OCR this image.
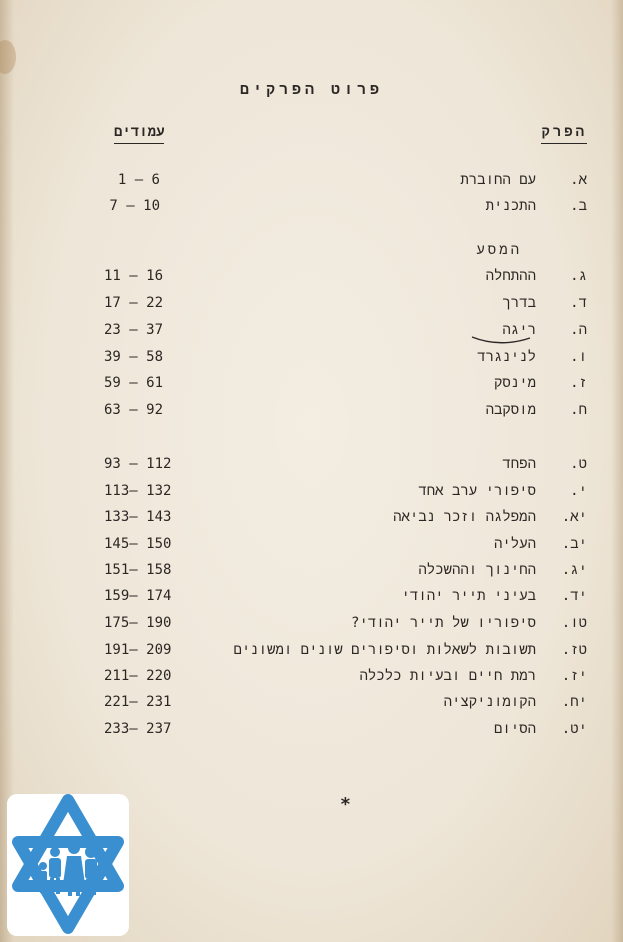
פרוט הפרקים
הפרק
עמודים
המסע
א.
עם החוברת
1 – 6
ב.
התכנית
7 – 10
ג.
ההתחלה
11 – 16
ד.
בדרך
17 – 22
ה.
ריגה
23 – 37
ו.
לנינגרד
39 – 58
ז.
מינסק
59 – 61
ח.
מוסקבה
63 – 92
ט.
הפחד
93 – 112
י.
סיפורי ערב אחד
113– 132
יא.
המפלגה וזכר נביאה
133– 143
יב.
העליה
145– 150
יג.
החינוך וההשכלה
151– 158
יד.
בעיני תייר יהודי
159– 174
טו.
סיפוריו של תייר יהודי?
175– 190
טז.
תשובות לשאלות וסיפורים שונים ומשונים
191– 209
יז.
רמת חיים ובעיות כלכלה
211– 220
יח.
הקומוניקציה
221– 231
יט.
הסיום
233– 237
*
